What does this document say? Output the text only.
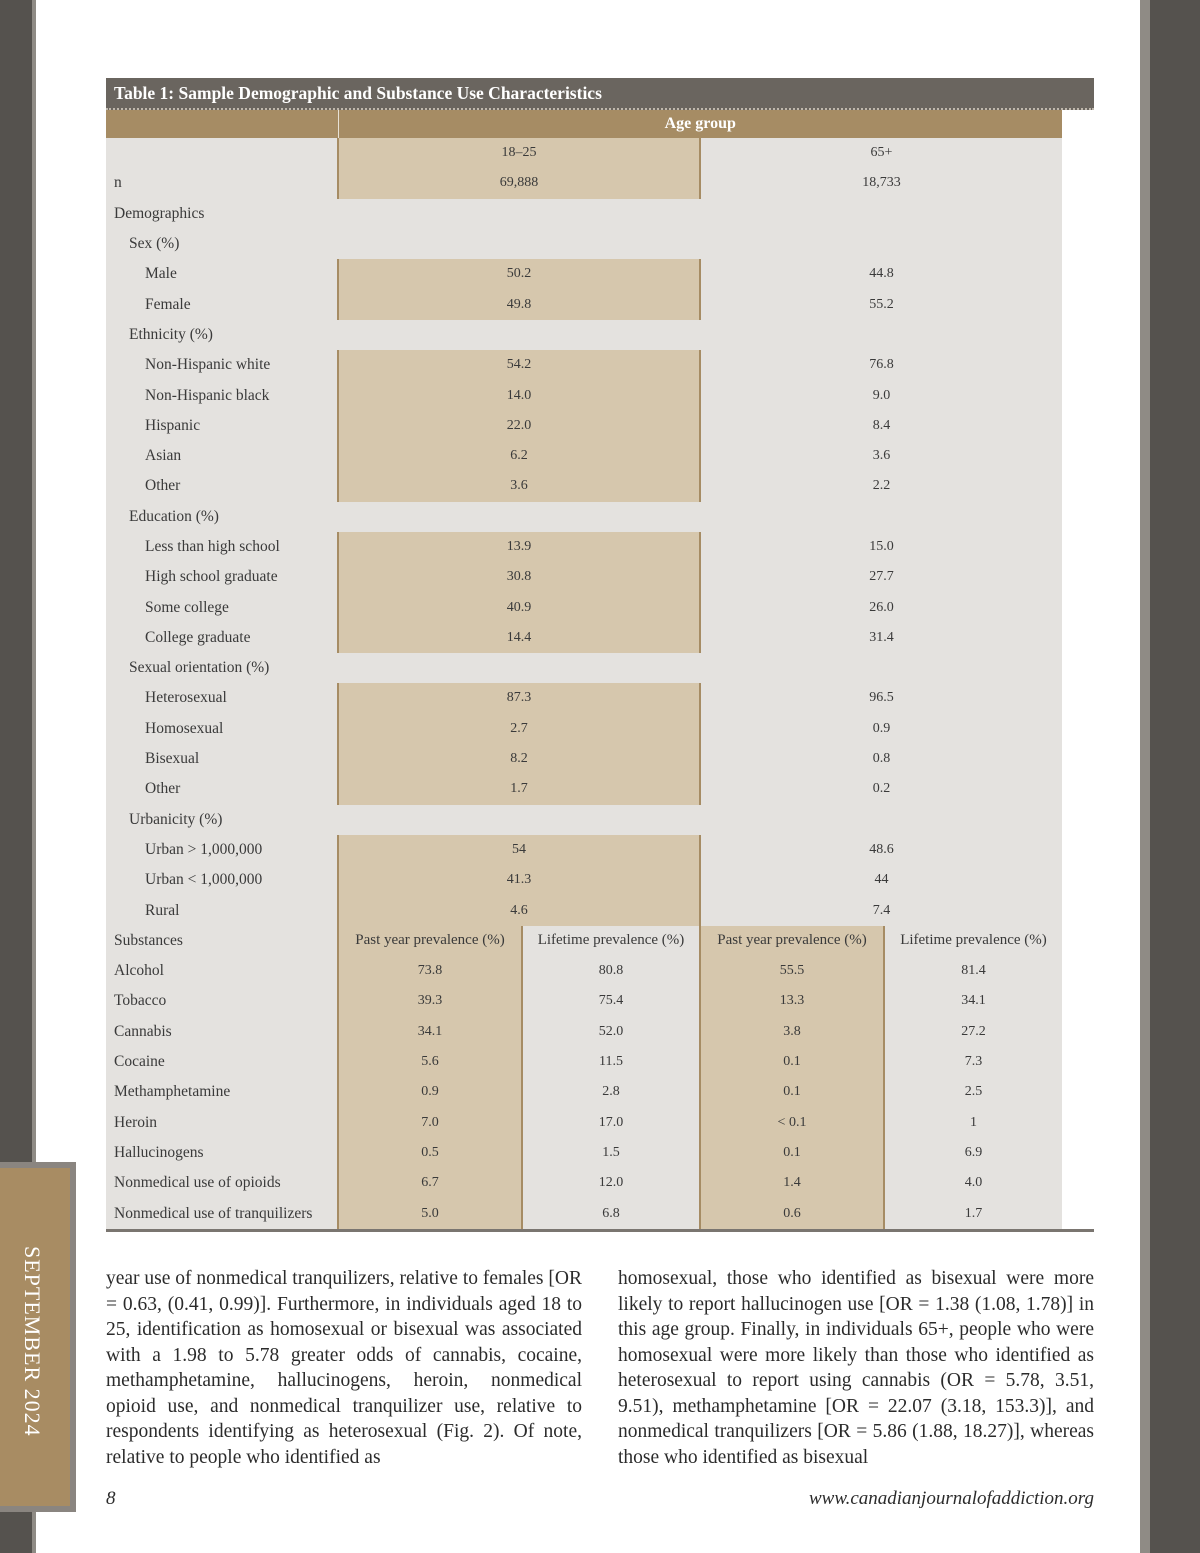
SEPTEMBER 2024
Table 1: Sample Demographic and Substance Use Characteristics
	Age group			
	18–25		65+	
n	69,888		18,733	
Demographics				
Sex (%)				
Male	50.2		44.8	
Female	49.8		55.2	
Ethnicity (%)				
Non-Hispanic white	54.2		76.8	
Non-Hispanic black	14.0		9.0	
Hispanic	22.0		8.4	
Asian	6.2		3.6	
Other	3.6		2.2	
Education (%)				
Less than high school	13.9		15.0	
High school graduate	30.8		27.7	
Some college	40.9		26.0	
College graduate	14.4		31.4	
Sexual orientation (%)				
Heterosexual	87.3		96.5	
Homosexual	2.7		0.9	
Bisexual	8.2		0.8	
Other	1.7		0.2	
Urbanicity (%)				
Urban > 1,000,000	54		48.6	
Urban < 1,000,000	41.3		44	
Rural	4.6		7.4	
Substances	Past year prevalence (%)	Lifetime prevalence (%)	Past year prevalence (%)	Lifetime prevalence (%)
Alcohol	73.8	80.8	55.5	81.4
Tobacco	39.3	75.4	13.3	34.1
Cannabis	34.1	52.0	3.8	27.2
Cocaine	5.6	11.5	0.1	7.3
Methamphetamine	0.9	2.8	0.1	2.5
Heroin	7.0	17.0	< 0.1	1
Hallucinogens	0.5	1.5	0.1	6.9
Nonmedical use of opioids	6.7	12.0	1.4	4.0
Nonmedical use of tranquilizers	5.0	6.8	0.6	1.7
year use of nonmedical tranquilizers, relative to females [OR = 0.63, (0.41, 0.99)]. Furthermore, in individuals aged 18 to 25, identification as homosexual or bisexual was associated with a 1.98 to 5.78 greater odds of cannabis, cocaine, methamphetamine, hallucinogens, heroin, nonmedical opioid use, and nonmedical tranquilizer use, relative to respondents identifying as heterosexual (Fig. 2). Of note, relative to people who identified as
homosexual, those who identified as bisexual were more likely to report hallucinogen use [OR = 1.38 (1.08, 1.78)] in this age group. Finally, in individuals 65+, people who were homosexual were more likely than those who identified as heterosexual to report using cannabis (OR = 5.78, 3.51, 9.51), methamphetamine [OR = 22.07 (3.18, 153.3)], and nonmedical tranquilizers [OR = 5.86 (1.88, 18.27)], whereas those who identified as bisexual
8	www.canadianjournalofaddiction.org
